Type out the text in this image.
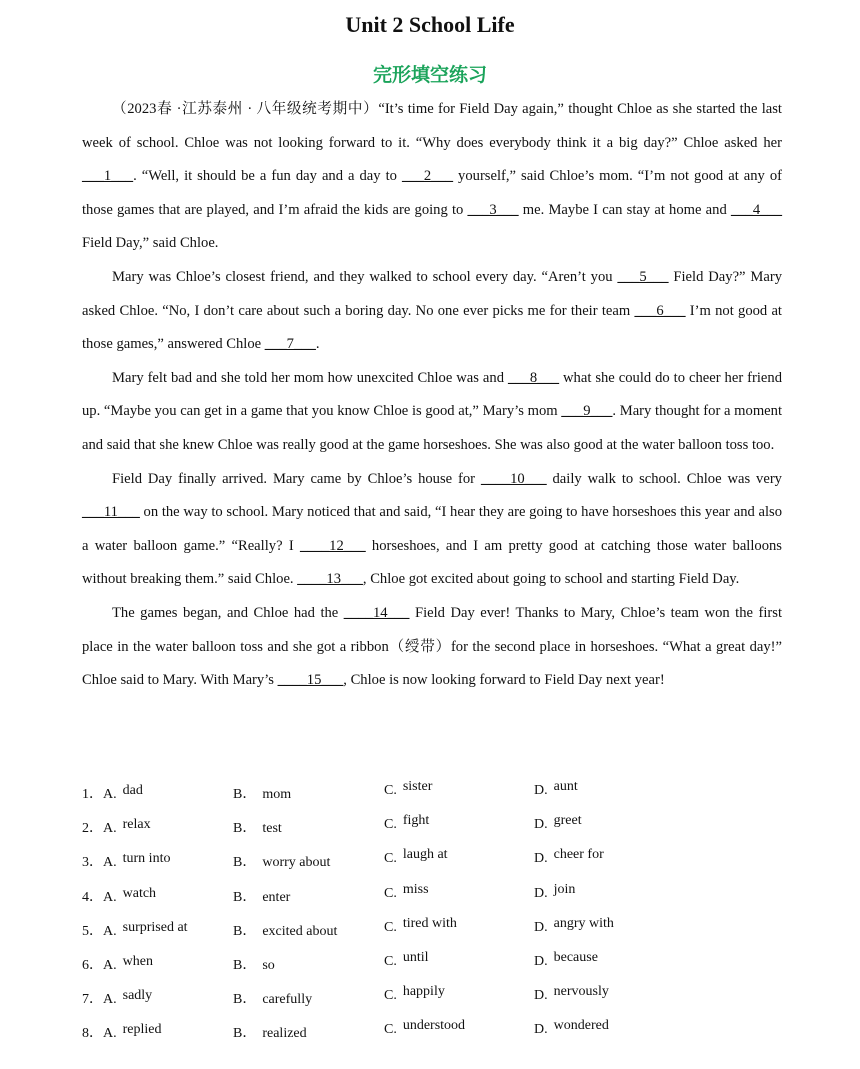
Unit 2 School Life
完形填空练习

（2023春 ·江苏泰州 · 八年级统考期中）“It’s time for Field Day again,” thought Chloe as she started the last week of school. Chloe was not looking forward to it. “Why does everybody think it a big day?” Chloe asked her ___1___. “Well, it should be a fun day and a day to ___2___ yourself,” said Chloe’s mom. “I’m not good at any of those games that are played, and I’m afraid the kids are going to ___3___ me. Maybe I can stay at home and ___4___ Field Day,” said Chloe.

Mary was Chloe’s closest friend, and they walked to school every day. “Aren’t you ___5___ Field Day?” Mary asked Chloe. “No, I don’t care about such a boring day. No one ever picks me for their team ___6___ I’m not good at those games,” answered Chloe ___7___.

Mary felt bad and she told her mom how unexcited Chloe was and ___8___ what she could do to cheer her friend up. “Maybe you can get in a game that you know Chloe is good at,” Mary’s mom ___9___. Mary thought for a moment and said that she knew Chloe was really good at the game horseshoes. She was also good at the water balloon toss too.

Field Day finally arrived. Mary came by Chloe’s house for ____10___ daily walk to school. Chloe was very ___11___ on the way to school. Mary noticed that and said, “I hear they are going to have horseshoes this year and also a water balloon game.” “Really? I ____12___ horseshoes, and I am pretty good at catching those water balloons without breaking them.” said Chloe. ____13___, Chloe got excited about going to school and starting Field Day.

The games began, and Chloe had the ____14___ Field Day ever! Thanks to Mary, Chloe’s team won the first place in the water balloon toss and she got a ribbon（绶带）for the second place in horseshoes. “What a great day!” Chloe said to Mary. With Mary’s ____15___, Chloe is now looking forward to Field Day next year!

1．A. dad	B． mom	C. sister	D. aunt
2．A. relax	B． test	C. fight	D. greet
3．A. turn into	B． worry about	C. laugh at	D. cheer for
4．A. watch	B． enter	C. miss	D. join
5．A. surprised at	B． excited about	C. tired with	D. angry with
6．A. when	B． so	C. until	D. because
7．A. sadly	B． carefully	C. happily	D. nervously
8．A. replied	B． realized	C. understood	D. wondered
